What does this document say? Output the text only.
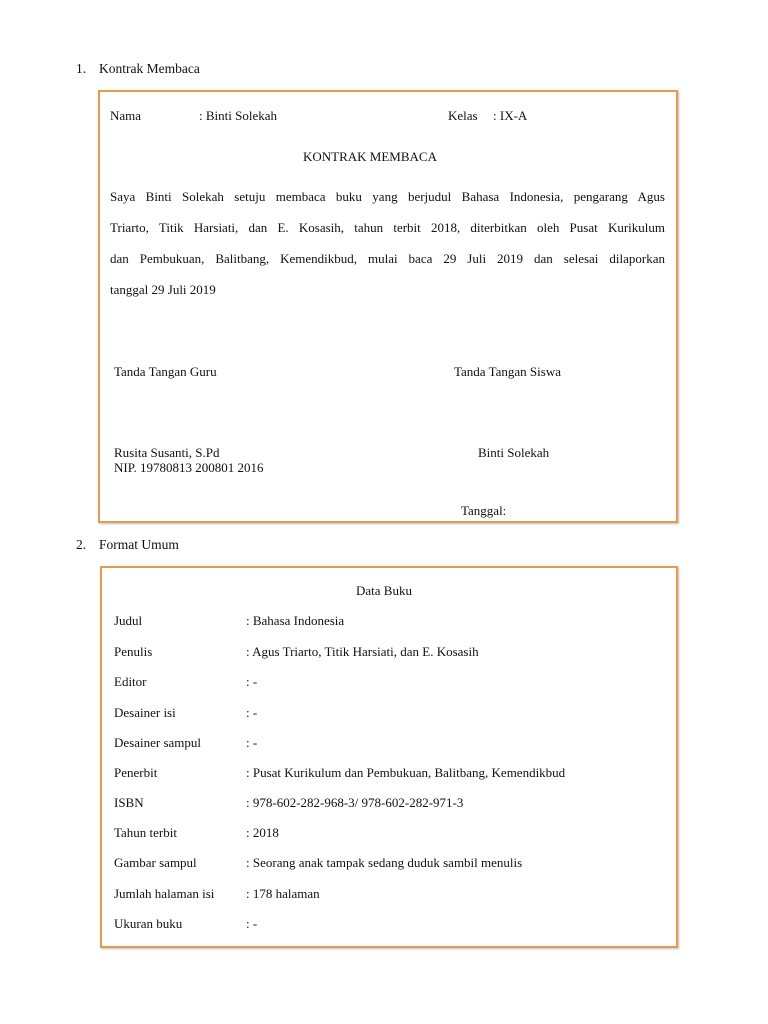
1. Kontrak Membaca
Nama	: Binti Solekah	Kelas : IX-A
KONTRAK MEMBACA
Saya Binti Solekah setuju membaca buku yang berjudul Bahasa Indonesia, pengarang Agus
Triarto, Titik Harsiati, dan E. Kosasih, tahun terbit 2018, diterbitkan oleh Pusat Kurikulum
dan Pembukuan, Balitbang, Kemendikbud, mulai baca 29 Juli 2019 dan selesai dilaporkan
tanggal 29 Juli 2019
Tanda Tangan Guru	Tanda Tangan Siswa
Rusita Susanti, S.Pd
NIP. 19780813 200801 2016
Binti Solekah
Tanggal:
2. Format Umum
Data Buku
Judul	: Bahasa Indonesia
Penulis	: Agus Triarto, Titik Harsiati, dan E. Kosasih
Editor	: -
Desainer isi	: -
Desainer sampul	: -
Penerbit	: Pusat Kurikulum dan Pembukuan, Balitbang, Kemendikbud
ISBN	: 978-602-282-968-3/ 978-602-282-971-3
Tahun terbit	: 2018
Gambar sampul	: Seorang anak tampak sedang duduk sambil menulis
Jumlah halaman isi : 178 halaman
Ukuran buku	: -
